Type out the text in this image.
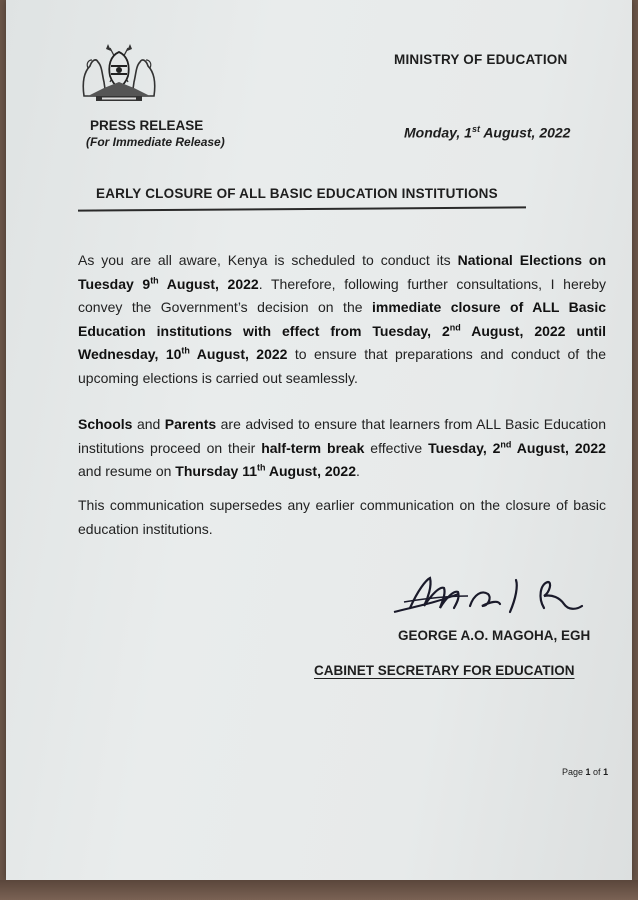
MINISTRY OF EDUCATION
PRESS RELEASE
(For Immediate Release)
Monday, 1st August, 2022
EARLY CLOSURE OF ALL BASIC EDUCATION INSTITUTIONS
As you are all aware, Kenya is scheduled to conduct its National Elections on Tuesday 9th August, 2022. Therefore, following further consultations, I hereby convey the Government’s decision on the immediate closure of ALL Basic Education institutions with effect from Tuesday, 2nd August, 2022 until Wednesday, 10th August, 2022 to ensure that preparations and conduct of the upcoming elections is carried out seamlessly.
Schools and Parents are advised to ensure that learners from ALL Basic Education institutions proceed on their half-term break effective Tuesday, 2nd August, 2022 and resume on Thursday 11th August, 2022.
This communication supersedes any earlier communication on the closure of basic education institutions.
GEORGE A.O. MAGOHA, EGH
CABINET SECRETARY FOR EDUCATION
Page 1 of 1
